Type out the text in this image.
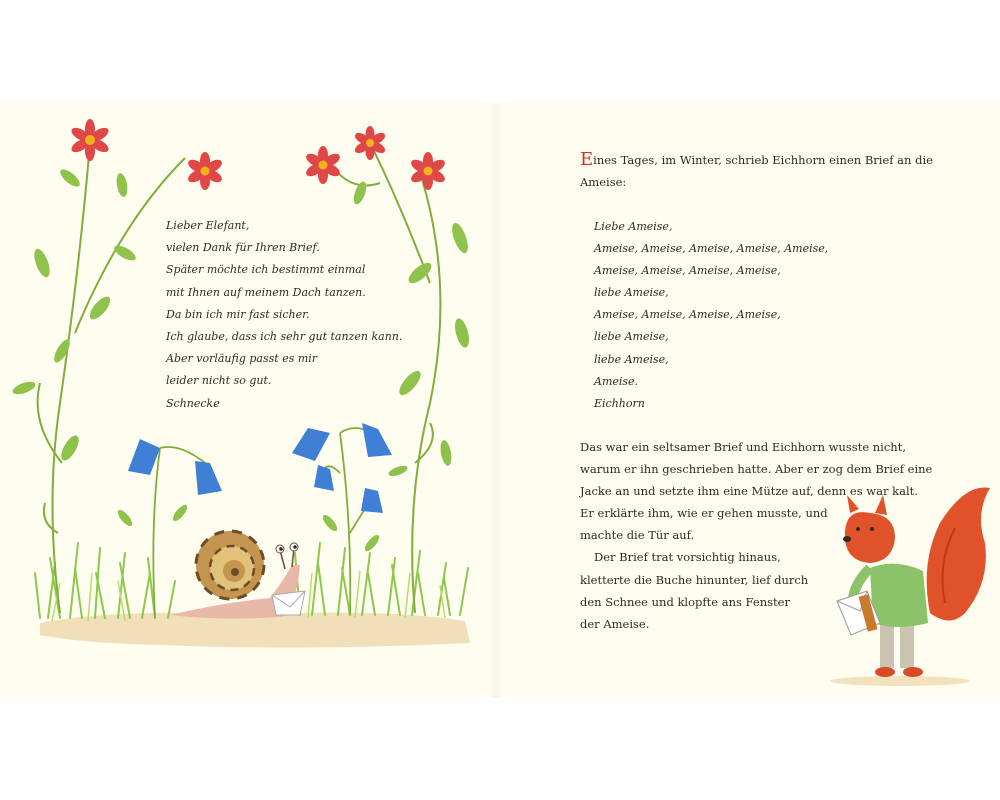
Lieber Elefant,
vielen Dank für Ihren Brief.
Später möchte ich bestimmt einmal
mit Ihnen auf meinem Dach tanzen.
Da bin ich mir fast sicher.
Ich glaube, dass ich sehr gut tanzen kann.
Aber vorläufig passt es mir
leider nicht so gut.
Schnecke
Eines Tages, im Winter, schrieb Eichhorn einen Brief an die
Ameise:
Liebe Ameise,
Ameise, Ameise, Ameise, Ameise, Ameise,
Ameise, Ameise, Ameise, Ameise,
liebe Ameise,
Ameise, Ameise, Ameise, Ameise,
liebe Ameise,
liebe Ameise,
Ameise.
Eichhorn
Das war ein seltsamer Brief und Eichhorn wusste nicht,
warum er ihn geschrieben hatte. Aber er zog dem Brief eine
Jacke an und setzte ihm eine Mütze auf, denn es war kalt.
Er erklärte ihm, wie er gehen musste, und
machte die Tür auf.
Der Brief trat vorsichtig hinaus,
kletterte die Buche hinunter, lief durch
den Schnee und klopfte ans Fenster
der Ameise.
